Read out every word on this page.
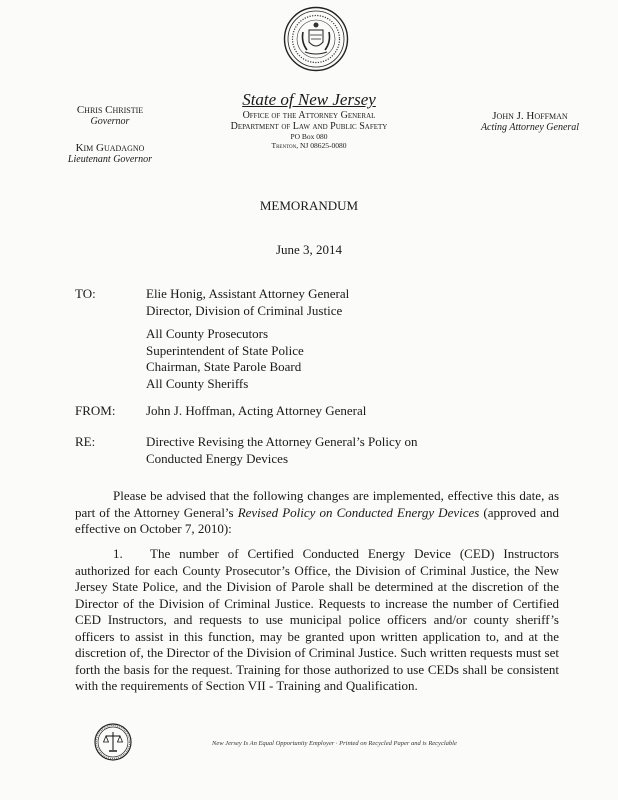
Chris Christie
Governor
Kim Guadagno
Lieutenant Governor
State of New Jersey
Office of the Attorney General
Department of Law and Public Safety
PO Box 080
Trenton, NJ 08625-0080
John J. Hoffman
Acting Attorney General
MEMORANDUM
June 3, 2014
TO:	Elie Honig, Assistant Attorney General
Director, Division of Criminal Justice
All County Prosecutors
Superintendent of State Police
Chairman, State Parole Board
All County Sheriffs
FROM: John J. Hoffman, Acting Attorney General
RE:	Directive Revising the Attorney General’s Policy on
Conducted Energy Devices
Please be advised that the following changes are implemented, effective this date, as part of the Attorney General’s Revised Policy on Conducted Energy Devices (approved and effective on October 7, 2010):
1. The number of Certified Conducted Energy Device (CED) Instructors authorized for each County Prosecutor’s Office, the Division of Criminal Justice, the New Jersey State Police, and the Division of Parole shall be determined at the discretion of the Director of the Division of Criminal Justice. Requests to increase the number of Certified CED Instructors, and requests to use municipal police officers and/or county sheriff’s officers to assist in this function, may be granted upon written application to, and at the discretion of, the Director of the Division of Criminal Justice. Such written requests must set forth the basis for the request. Training for those authorized to use CEDs shall be consistent with the requirements of Section VII - Training and Qualification.
New Jersey Is An Equal Opportunity Employer · Printed on Recycled Paper and is Recyclable
